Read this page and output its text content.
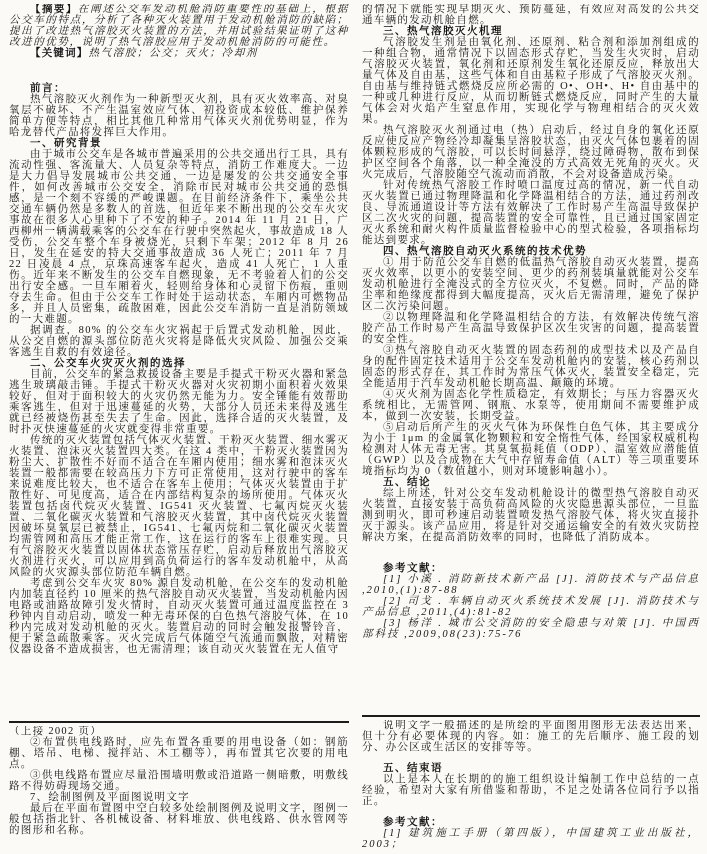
【摘要】在阐述公交车发动机舱消防重要性的基础上，根据公交车的特点，分析了各种灭火装置用于发动机舱消防的缺陷；提出了改进热气溶胶灭火装置的方法，并用试验结果证明了这种改进的优势，说明了热气溶胶应用于发动机舱消防的可能性。

【关键词】热气溶胶；公交；灭火；冷却剂

前言：

热气溶胶灭火剂作为一种新型灭火剂，具有灭火效率高、对臭氧层不破坏、不产生温室效应气体、初投资成本较低、维护保养简单方便等特点，相比其他几种常用气体灭火剂优势明显，作为哈龙替代产品将发挥巨大作用。

一、研究背景

由于城市公交车是各城市普遍采用的公共交通出行工具，具有流动性强、客流量大、人员复杂等特点，消防工作难度大。一边是大力倡导发展城市公共交通，一边是屡发的公共交通安全事件，如何改善城市公交安全，消除市民对城市公共交通的恐惧感，是一个刻不容缓的严峻课题。在目前经济条件下，乘坐公共交通车辆仍然是多数人的首选，但近年来不断出现的公交车火灾事故在很多人心里种下了不安的种子。2014 年 11 月 21 日，广西柳州一辆满载乘客的公交车在行驶中突然起火，事故造成 18 人受伤，公交车整个车身被烧光，只剩下车架；2012 年 8 月 26 日，发生在延安的特大交通事故造成 36 人死亡；2011 年 7 月 22 日凌晨 4 点，京珠高速客车起火，造成 41 人死亡，1 人重伤。近年来不断发生的公交车自燃现象，无不考验着人们的公交出行安全感。一旦车厢着火，轻则给身体和心灵留下伤痕，重则夺去生命。但由于公交车工作时处于运动状态，车厢内可燃物品多，并且人员密集，疏散困难，因此公交车消防一直是消防领域的一大难题。

据调查，80% 的公交车火灾祸起于后置式发动机舱，因此，从公交自燃的源头部位防范火灾将是降低火灾风险、加强公交乘客逃生自救的有效途径。

二、公交车火灾灭火剂的选择

目前，公交车的紧急救援设备主要是手提式干粉灭火器和紧急逃生玻璃敲击锤。手提式干粉灭火器对火灾初期小面积着火效果较好，但对于面积较大的火灾仍然无能为力。安全锤能有效帮助乘客逃生，但对于迅速蔓延的火势，大部分人员还未来得及逃生就已经被烧伤甚至失去了生命。因此，选择合适的灭火装置，及时扑灭快速蔓延的火灾就变得非常重要。

传统的灭火装置包括气体灭火装置、干粉灭火装置、细水雾灭火装置、泡沫灭火装置四大类。在这 4 类中，干粉灭火装置因为粉尘大、扩散性不好而不适合在车厢内使用；细水雾和泡沫灭火装置一般都需要在较高压力下方可正常使用，这对行驶中的客车来说难度比较大，也不适合在客车上使用；气体灭火装置由于扩散性好、可见度高，适合在内部结构复杂的场所使用。气体灭火装置包括卤代烷灭火装置、IG541 灭火装置、七氟丙烷灭火装置、二氧化碳灭火装置和气溶胶灭火装置，其中卤代烷灭火装置因破坏臭氧层已被禁止，IG541、七氟丙烷和二氧化碳灭火装置均需管网和高压才能正常工作，这在运行的客车上很难实现。只有气溶胶灭火装置以固体状态常压存贮，启动后释放出气溶胶灭火剂进行灭火，可以应用到高负荷运行的客车发动机舱中，从高风险的火灾源头部位防范车辆自燃。

考虑到公交车火灾 80% 源自发动机舱，在公交车的发动机舱内加装直径约 10 厘米的热气溶胶自动灭火装置，当发动机舱内因电路或油路故障引发火情时，自动灭火装置可通过温度监控在 3 秒钟内自动启动，喷发一种无毒环保的白色热气溶胶气体，在 10 秒内完成对发动机舱的灭火。装置启动的同时会触发报警铃音，便于紧急疏散乘客。灭火完成后气体随空气流通而飘散，对精密仪器设备不造成损害，也无需清理；该自动灭火装置在无人值守

的情况下就能实现早期灭火、预防蔓延，有效应对高发的公共交通车辆的发动机舱自燃。

三、热气溶胶灭火机理

气溶胶发生剂是由氧化剂、还原剂、粘合剂和添加剂组成的一种组合物，通常情况下以固态形式存贮，当发生火灾时，启动气溶胶灭火装置，氧化剂和还原剂发生氧化还原反应，释放出大量气体及自由基，这些气体和自由基粒子形成了气溶胶灭火剂。自由基与维持链式燃烧反应所必需的 O•、OH•、H• 自由基中的一种或几种进行反应，从而切断链式燃烧反应，同时产生的大量气体会对火焰产生窒息作用，实现化学与物理相结合的灭火效果。

热气溶胶灭火剂通过电（热）启动后，经过自身的氧化还原反应使反应产物经冷却凝集呈溶胶状态，由灭火气体包裹着的固体颗粒形成的气溶胶，可以长时间悬浮，绕过障碍物，散布到保护区空间各个角落，以一种全淹没的方式高效无死角的灭火。灭火完成后，气溶胶随空气流动而消散，不会对设备造成污染。

针对传统热气溶胶工作时喷口温度过高的情况，新一代自动灭火装置已通过物理降温和化学降温相结合的方法，通过药剂改良、导流通道设计等方法有效解决了工作时易产生高温导致保护区二次火灾的问题，提高装置的安全可靠性，且已通过国家固定灭火系统和耐火构件质量监督检验中心的型式检验，各项指标均能达到要求。

四、热气溶胶自动灭火系统的技术优势

① 用于防范公交车自燃的低温热气溶胶自动灭火装置，提高灭火效率，以更小的安装空间、更少的药剂装填量就能对公交车发动机舱进行全淹没式的全方位灭火，不复燃。同时，产品的降尘率和绝缘度都得到大幅度提高，灭火后无需清理，避免了保护区二次污染问题。

②以物理降温和化学降温相结合的方法，有效解决传统气溶胶产品工作时易产生高温导致保护区次生灾害的问题，提高装置的安全性。

③热气溶胶自动灭火装置的固态药剂的成型技术以及产品自身的配件固定技术适用于公交车发动机舱内的安装，核心药剂以固态的形式存在，其工作时为常压气体灭火，装置安全稳定，完全能适用于汽车发动机舱长期高温、颠簸的环境。

④灭火剂为固态化学性质稳定，有效期长；与压力容器灭火系统相比，无需管网、钢瓶、水泵等，使用期间不需要维护成本，做到一次安装，长期受益。

⑤启动后所产生的灭火气体为环保性白色气体，其主要成分为小于 1μm 的金属氧化物颗粒和安全惰性气体，经国家权威机构检测对人体无毒无害。其臭氧损耗值（ODP）、温室效应潜能值（GWP）以及合成物在大气中存留寿命值（ALT）等三项重要环境指标均为 0（数值越小，则对环境影响越小）。

五、结论

综上所述，针对公交车发动机舱设计的微型热气溶胶自动灭火装置，直接安装于高负荷高风险的火灾隐患源头部位，一旦监测到明火，即可秒速启动装置喷发热气溶胶气体，将火灾直接扑灭于源头。该产品应用，将是针对交通运输安全的有效火灾防控解决方案，在提高消防效率的同时，也降低了消防成本。

参考文献：

[1] 小溪 . 消防新技术新产品 [J]. 消防技术与产品信息 ,2010,(1):87-88

[2] 司戈 . 车辆自动灭火系统技术发展 [J]. 消防技术与产品信息 ,2011,(4):81-82

[3] 杨洋 . 城市公交消防的安全隐患与对策 [J]. 中国西部科技 ,2009,08(23):75-76

（上接 2002 页）

②布置供电线路时，应先布置各重要的用电设备（如：钢筋棚、塔吊、电梯、搅拌站、木工棚等），再布置其它次要的用电点。

③供电线路布置应尽量沿围墙明敷或沿道路一侧暗敷，明敷线路不得妨碍现场交通。

7、绘制图例及平面图说明文字

最后在平面布置图中空白较多处绘制图例及说明文字，图例一般包括指北针、各机械设备、材料堆放、供电线路、供水管网等的图形和名称。

说明文字一般描述的是所绘的平面图用图形无法表达出来，但十分有必要体现的内容。如：施工的先后顺序、施工段的划分、办公区或生活区的安排等等。

五、结束语

以上是本人在长期的的施工组织设计编制工作中总结的一点经验，希望对大家有所借鉴和帮助，不足之处请各位同行予以指正。

参考文献：

[1] 建筑施工手册（第四版），中国建筑工业出版社，2003；
